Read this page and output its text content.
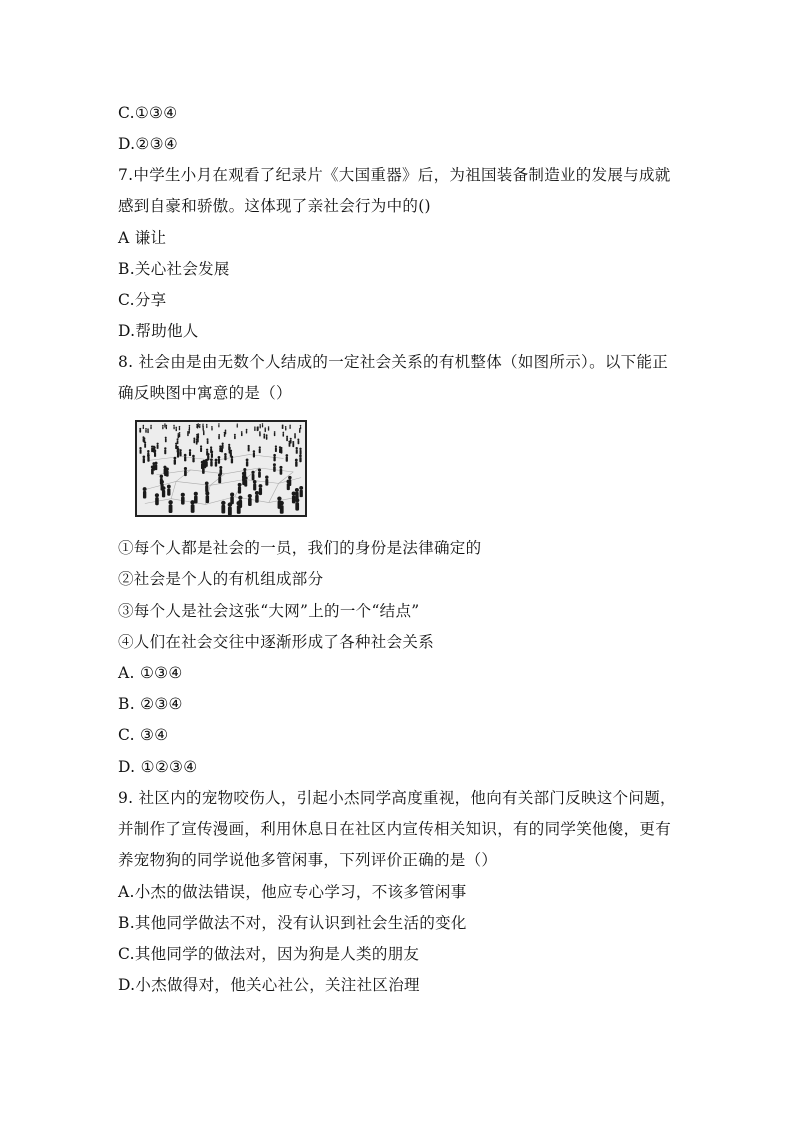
C.①③④
D.②③④
7.中学生小月在观看了纪录片《大国重器》后，为祖国装备制造业的发展与成就
感到自豪和骄傲。这体现了亲社会行为中的()
A 谦让
B.关心社会发展
C.分享
D.帮助他人
8. 社会由是由无数个人结成的一定社会关系的有机整体（如图所示）。以下能正
确反映图中寓意的是（）
①每个人都是社会的一员，我们的身份是法律确定的
②社会是个人的有机组成部分
③每个人是社会这张“大网”上的一个“结点”
④人们在社会交往中逐渐形成了各种社会关系
A. ①③④
B. ②③④
C. ③④
D. ①②③④
9. 社区内的宠物咬伤人，引起小杰同学高度重视，他向有关部门反映这个问题，
并制作了宣传漫画，利用休息日在社区内宣传相关知识，有的同学笑他傻，更有
养宠物狗的同学说他多管闲事，下列评价正确的是（）
A.小杰的做法错误，他应专心学习，不该多管闲事
B.其他同学做法不对，没有认识到社会生活的变化
C.其他同学的做法对，因为狗是人类的朋友
D.小杰做得对，他关心社公，关注社区治理
